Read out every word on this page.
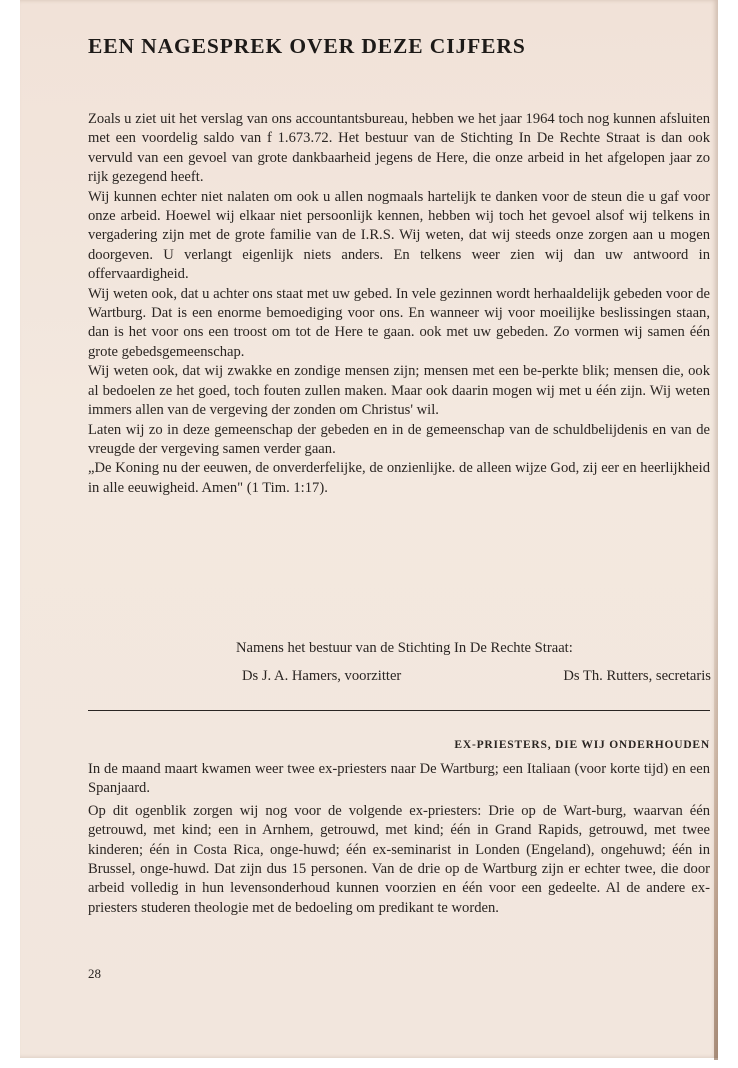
EEN NAGESPREK OVER DEZE CIJFERS

Zoals u ziet uit het verslag van ons accountantsbureau, hebben we het jaar 1964 toch nog kunnen afsluiten met een voordelig saldo van f 1.673.72. Het bestuur van de Stichting In De Rechte Straat is dan ook vervuld van een gevoel van grote dankbaarheid jegens de Here, die onze arbeid in het afgelopen jaar zo rijk gezegend heeft.

Wij kunnen echter niet nalaten om ook u allen nogmaals hartelijk te danken voor de steun die u gaf voor onze arbeid. Hoewel wij elkaar niet persoonlijk kennen, hebben wij toch het gevoel alsof wij telkens in vergadering zijn met de grote familie van de I.R.S. Wij weten, dat wij steeds onze zorgen aan u mogen doorgeven. U verlangt eigenlijk niets anders. En telkens weer zien wij dan uw antwoord in offervaardigheid.

Wij weten ook, dat u achter ons staat met uw gebed. In vele gezinnen wordt herhaaldelijk gebeden voor de Wartburg. Dat is een enorme bemoediging voor ons. En wanneer wij voor moeilijke beslissingen staan, dan is het voor ons een troost om tot de Here te gaan. ook met uw gebeden. Zo vormen wij samen één grote gebedsgemeenschap.

Wij weten ook, dat wij zwakke en zondige mensen zijn; mensen met een be-perkte blik; mensen die, ook al bedoelen ze het goed, toch fouten zullen maken. Maar ook daarin mogen wij met u één zijn. Wij weten immers allen van de vergeving der zonden om Christus' wil.

Laten wij zo in deze gemeenschap der gebeden en in de gemeenschap van de schuldbelijdenis en van de vreugde der vergeving samen verder gaan.

„De Koning nu der eeuwen, de onverderfelijke, de onzienlijke. de alleen wijze God, zij eer en heerlijkheid in alle eeuwigheid. Amen" (1 Tim. 1:17).

Namens het bestuur van de Stichting In De Rechte Straat:
Ds J. A. Hamers, voorzitter	Ds Th. Rutters, secretaris
EX-PRIESTERS, DIE WIJ ONDERHOUDEN

In de maand maart kwamen weer twee ex-priesters naar De Wartburg; een Italiaan (voor korte tijd) en een Spanjaard.

Op dit ogenblik zorgen wij nog voor de volgende ex-priesters: Drie op de Wart-burg, waarvan één getrouwd, met kind; een in Arnhem, getrouwd, met kind; één in Grand Rapids, getrouwd, met twee kinderen; één in Costa Rica, onge-huwd; één ex-seminarist in Londen (Engeland), ongehuwd; één in Brussel, onge-huwd. Dat zijn dus 15 personen. Van de drie op de Wartburg zijn er echter twee, die door arbeid volledig in hun levensonderhoud kunnen voorzien en één voor een gedeelte. Al de andere ex-priesters studeren theologie met de bedoeling om predikant te worden.

28
